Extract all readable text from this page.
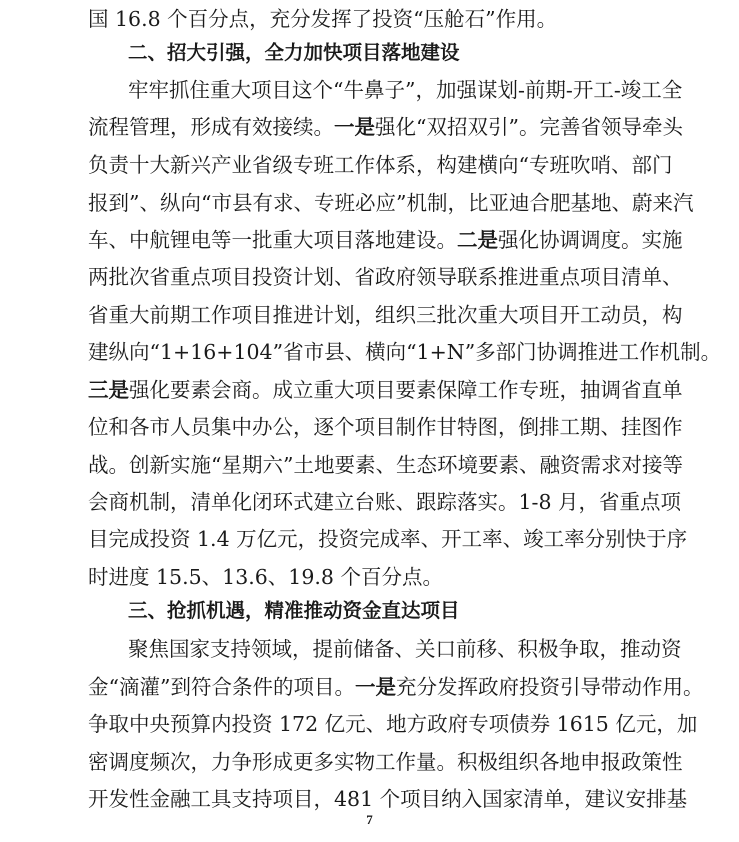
国 16.8 个百分点，充分发挥了投资“压舱石”作用。
二、招大引强，全力加快项目落地建设
牢牢抓住重大项目这个“牛鼻子”，加强谋划-前期-开工-竣工全
流程管理，形成有效接续。一是强化“双招双引”。完善省领导牵头
负责十大新兴产业省级专班工作体系，构建横向“专班吹哨、部门
报到”、纵向“市县有求、专班必应”机制，比亚迪合肥基地、蔚来汽
车、中航锂电等一批重大项目落地建设。二是强化协调调度。实施
两批次省重点项目投资计划、省政府领导联系推进重点项目清单、
省重大前期工作项目推进计划，组织三批次重大项目开工动员，构
建纵向“1+16+104”省市县、横向“1+N”多部门协调推进工作机制。
三是强化要素会商。成立重大项目要素保障工作专班，抽调省直单
位和各市人员集中办公，逐个项目制作甘特图，倒排工期、挂图作
战。创新实施“星期六”土地要素、生态环境要素、融资需求对接等
会商机制，清单化闭环式建立台账、跟踪落实。1-8 月，省重点项
目完成投资 1.4 万亿元，投资完成率、开工率、竣工率分别快于序
时进度 15.5、13.6、19.8 个百分点。
三、抢抓机遇，精准推动资金直达项目
聚焦国家支持领域，提前储备、关口前移、积极争取，推动资
金“滴灌”到符合条件的项目。一是充分发挥政府投资引导带动作用。
争取中央预算内投资 172 亿元、地方政府专项债券 1615 亿元，加
密调度频次，力争形成更多实物工作量。积极组织各地申报政策性
开发性金融工具支持项目，481 个项目纳入国家清单，建议安排基
7
